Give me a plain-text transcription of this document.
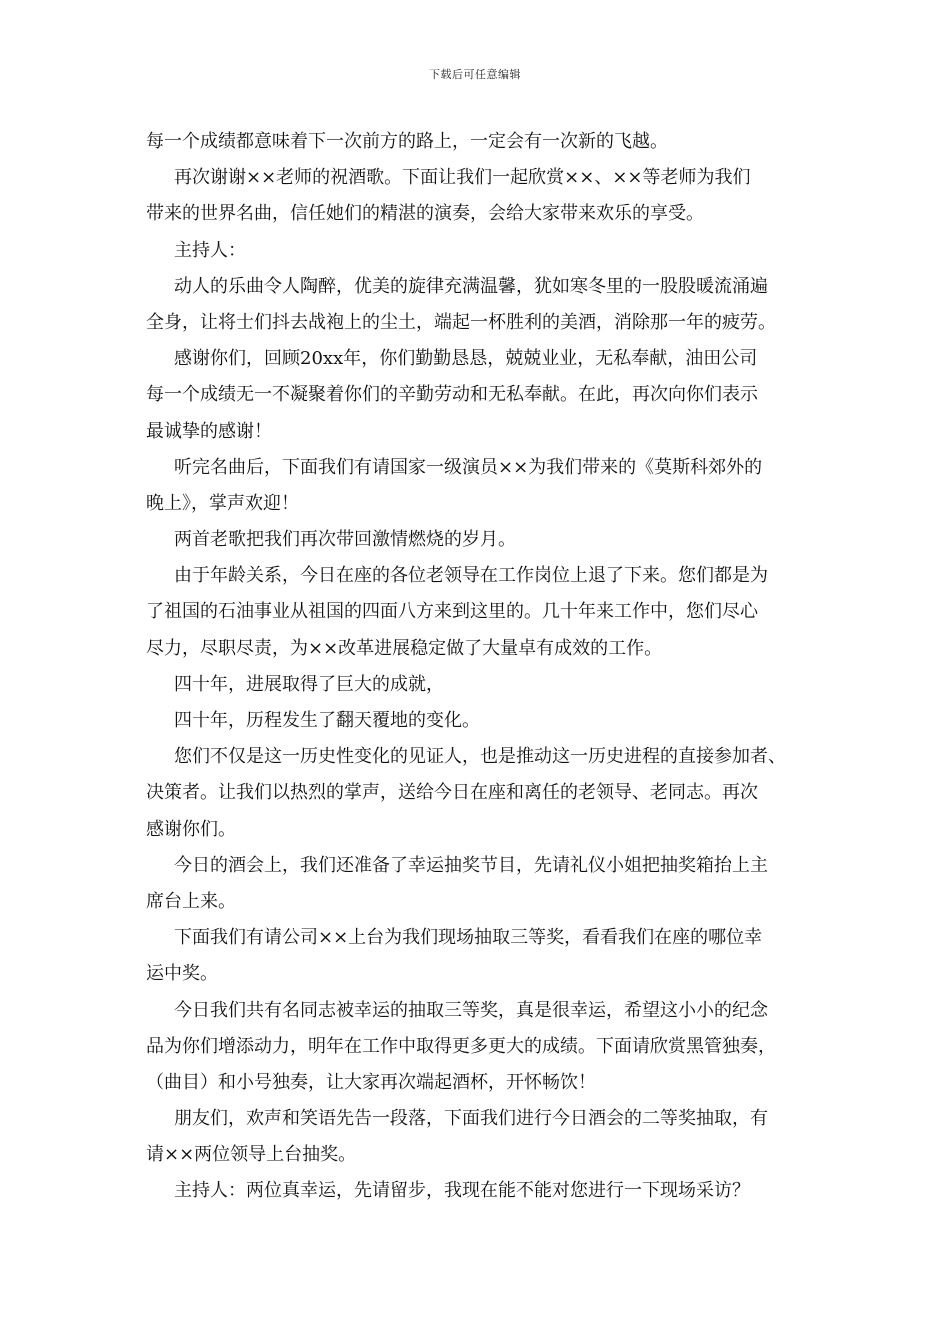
下载后可任意编辑
每一个成绩都意味着下一次前方的路上，一定会有一次新的飞越。
再次谢谢××老师的祝酒歌。下面让我们一起欣赏××、××等老师为我们
带来的世界名曲，信任她们的精湛的演奏，会给大家带来欢乐的享受。
主持人：
动人的乐曲令人陶醉，优美的旋律充满温馨，犹如寒冬里的一股股暖流涌遍
全身，让将士们抖去战袍上的尘土，端起一杯胜利的美酒，消除那一年的疲劳。
感谢你们，回顾20xx年，你们勤勤恳恳，兢兢业业，无私奉献，油田公司
每一个成绩无一不凝聚着你们的辛勤劳动和无私奉献。在此，再次向你们表示
最诚挚的感谢！
听完名曲后，下面我们有请国家一级演员××为我们带来的《莫斯科郊外的
晚上》，掌声欢迎！
两首老歌把我们再次带回激情燃烧的岁月。
由于年龄关系，今日在座的各位老领导在工作岗位上退了下来。您们都是为
了祖国的石油事业从祖国的四面八方来到这里的。几十年来工作中，您们尽心
尽力，尽职尽责，为××改革进展稳定做了大量卓有成效的工作。
四十年，进展取得了巨大的成就，
四十年，历程发生了翻天覆地的变化。
您们不仅是这一历史性变化的见证人，也是推动这一历史进程的直接参加者、
决策者。让我们以热烈的掌声，送给今日在座和离任的老领导、老同志。再次
感谢你们。
今日的酒会上，我们还准备了幸运抽奖节目，先请礼仪小姐把抽奖箱抬上主
席台上来。
下面我们有请公司××上台为我们现场抽取三等奖，看看我们在座的哪位幸
运中奖。
今日我们共有名同志被幸运的抽取三等奖，真是很幸运，希望这小小的纪念
品为你们增添动力，明年在工作中取得更多更大的成绩。下面请欣赏黑管独奏，
（曲目）和小号独奏，让大家再次端起酒杯，开怀畅饮！
朋友们，欢声和笑语先告一段落，下面我们进行今日酒会的二等奖抽取，有
请××两位领导上台抽奖。
主持人：两位真幸运，先请留步，我现在能不能对您进行一下现场采访？
